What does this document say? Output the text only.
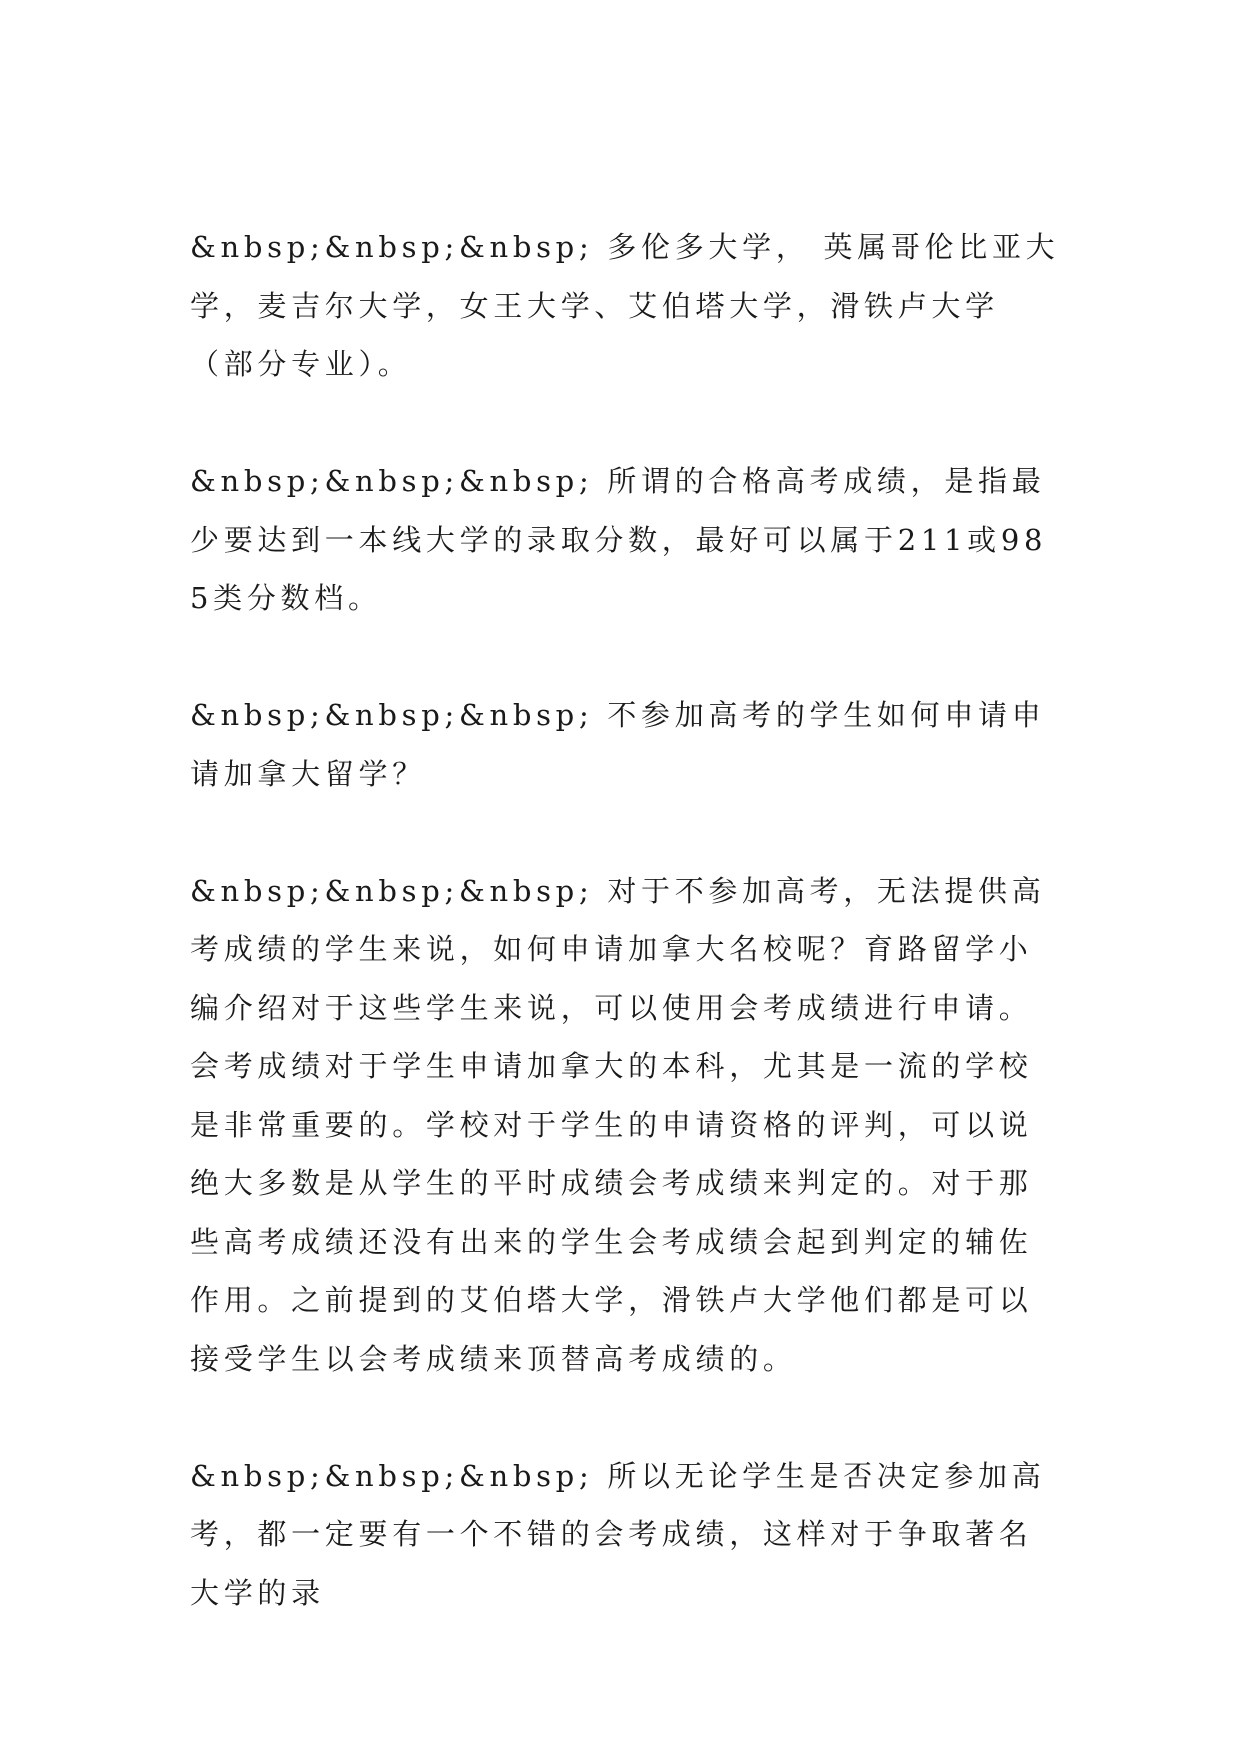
&nbsp;&nbsp;&nbsp; 多伦多大学， 英属哥伦比亚大学，麦吉尔大学，女王大学、艾伯塔大学，滑铁卢大学（部分专业）。

&nbsp;&nbsp;&nbsp; 所谓的合格高考成绩，是指最少要达到一本线大学的录取分数，最好可以属于211或985类分数档。

&nbsp;&nbsp;&nbsp; 不参加高考的学生如何申请申请加拿大留学？

&nbsp;&nbsp;&nbsp; 对于不参加高考，无法提供高考成绩的学生来说，如何申请加拿大名校呢？育路留学小编介绍对于这些学生来说，可以使用会考成绩进行申请。 会考成绩对于学生申请加拿大的本科，尤其是一流的学校是非常重要的。学校对于学生的申请资格的评判，可以说绝大多数是从学生的平时成绩会考成绩来判定的。对于那些高考成绩还没有出来的学生会考成绩会起到判定的辅佐作用。之前提到的艾伯塔大学，滑铁卢大学他们都是可以接受学生以会考成绩来顶替高考成绩的。

&nbsp;&nbsp;&nbsp; 所以无论学生是否决定参加高考，都一定要有一个不错的会考成绩，这样对于争取著名大学的录
